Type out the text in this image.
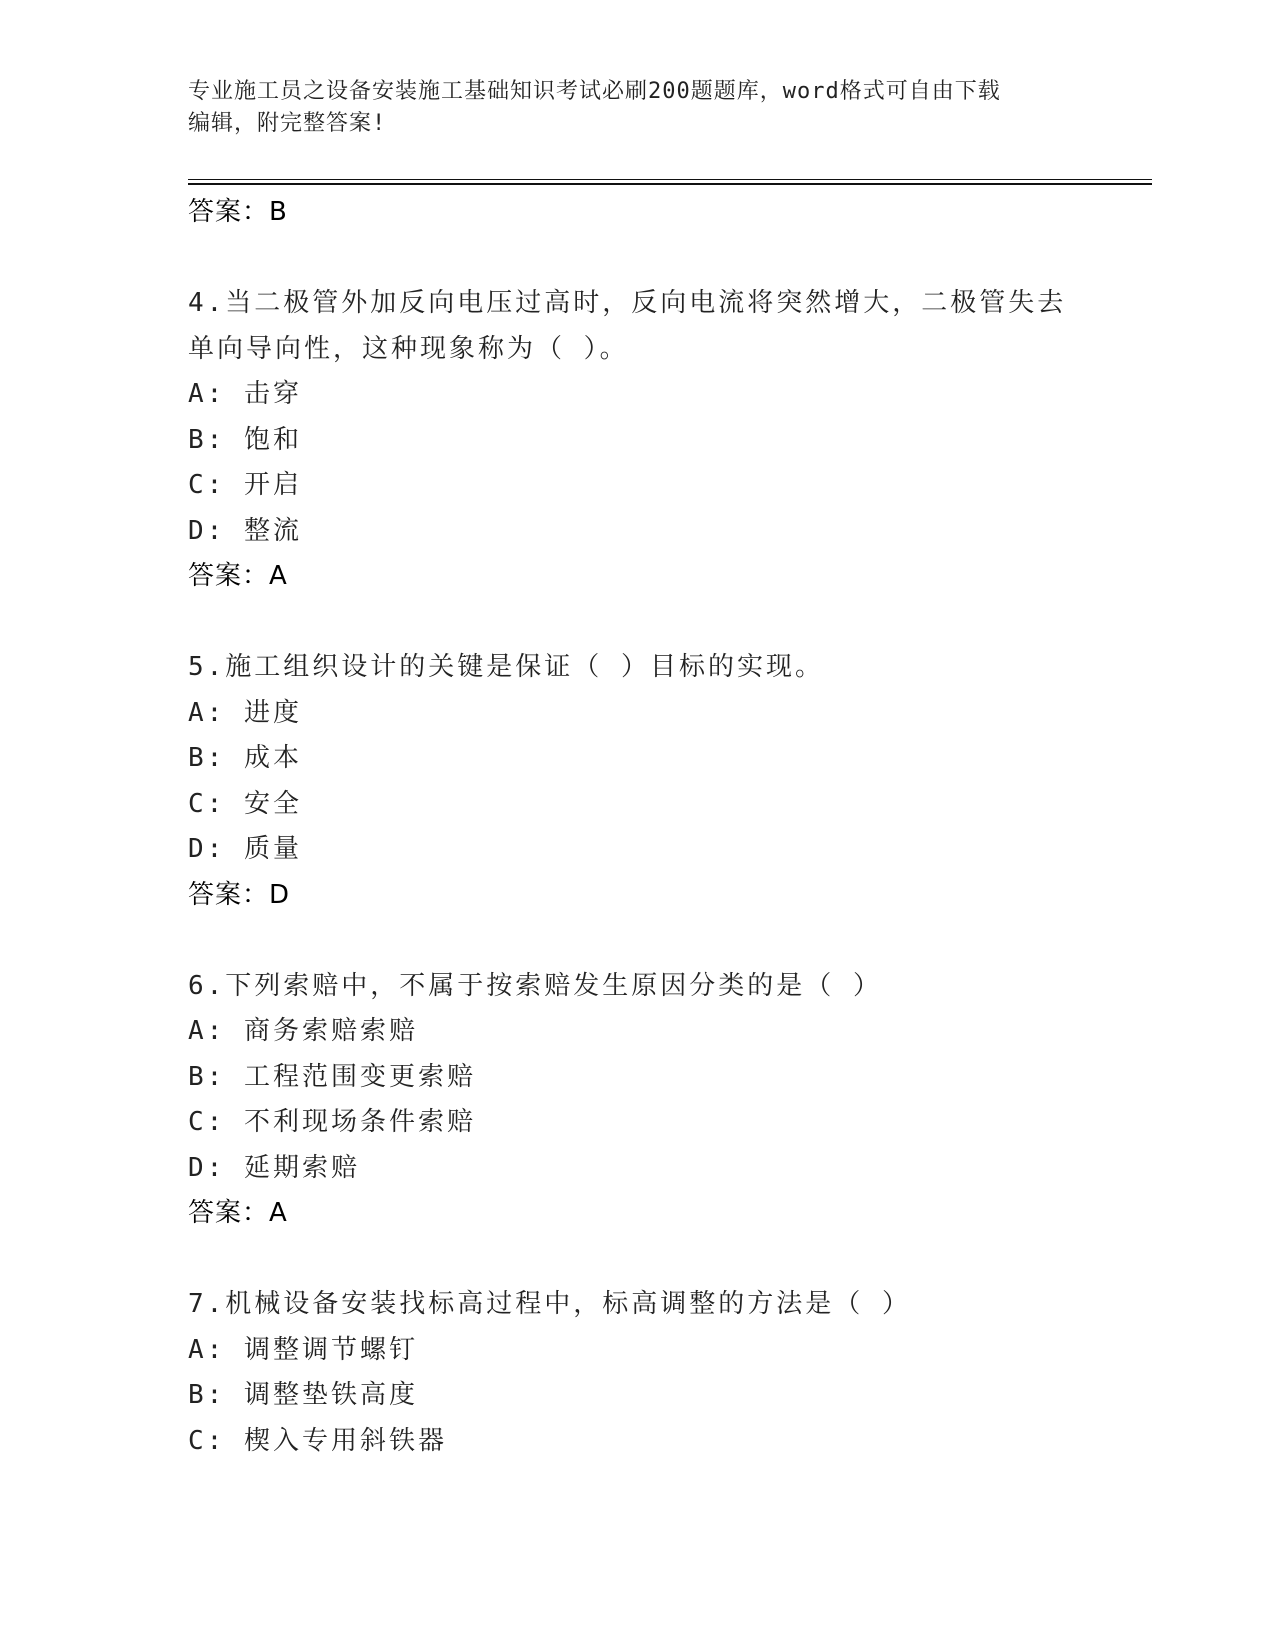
专业施工员之设备安装施工基础知识考试必刷200题题库，word格式可自由下载
编辑，附完整答案!
答案：B
4.当二极管外加反向电压过高时，反向电流将突然增大，二极管失去
单向导向性，这种现象称为（ ）。
A: 击穿
B: 饱和
C: 开启
D: 整流
答案：A
5.施工组织设计的关键是保证（ ）目标的实现。
A: 进度
B: 成本
C: 安全
D: 质量
答案：D
6.下列索赔中，不属于按索赔发生原因分类的是（ ）
A: 商务索赔索赔
B: 工程范围变更索赔
C: 不利现场条件索赔
D: 延期索赔
答案：A
7.机械设备安装找标高过程中，标高调整的方法是（ ）
A: 调整调节螺钉
B: 调整垫铁高度
C: 楔入专用斜铁器
